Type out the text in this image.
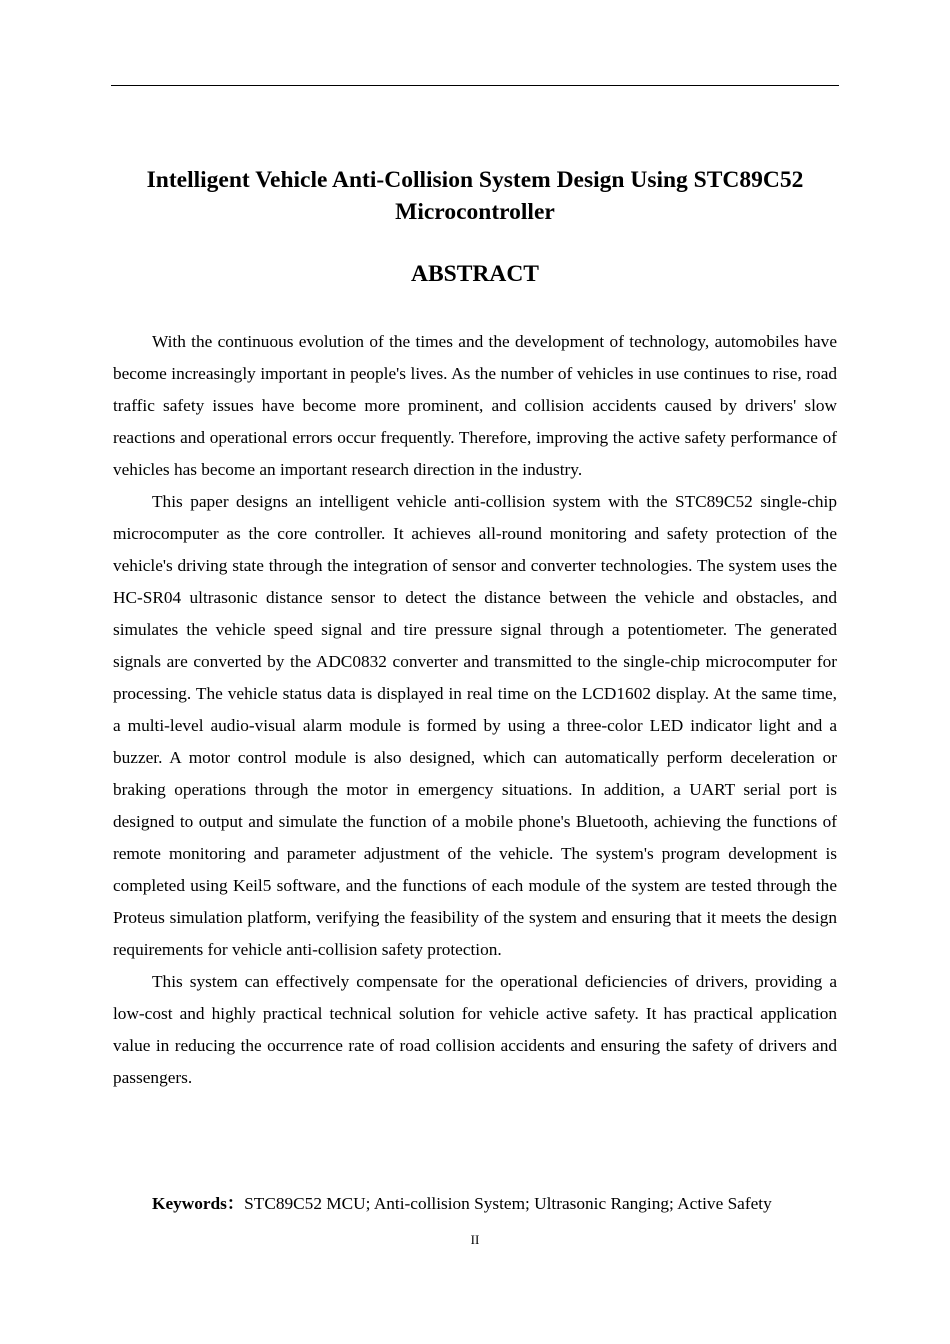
Intelligent Vehicle Anti-Collision System Design Using STC89C52
Microcontroller
ABSTRACT

With the continuous evolution of the times and the development of technology, automobiles have become increasingly important in people's lives. As the number of vehicles in use continues to rise, road traffic safety issues have become more prominent, and collision accidents caused by drivers' slow reactions and operational errors occur frequently. Therefore, improving the active safety performance of vehicles has become an important research direction in the industry.

This paper designs an intelligent vehicle anti-collision system with the STC89C52 single-chip microcomputer as the core controller. It achieves all-round monitoring and safety protection of the vehicle's driving state through the integration of sensor and converter technologies. The system uses the HC-SR04 ultrasonic distance sensor to detect the distance between the vehicle and obstacles, and simulates the vehicle speed signal and tire pressure signal through a potentiometer. The generated signals are converted by the ADC0832 converter and transmitted to the single-chip microcomputer for processing. The vehicle status data is displayed in real time on the LCD1602 display. At the same time, a multi-level audio-visual alarm module is formed by using a three-color LED indicator light and a buzzer. A motor control module is also designed, which can automatically perform deceleration or braking operations through the motor in emergency situations. In addition, a UART serial port is designed to output and simulate the function of a mobile phone's Bluetooth, achieving the functions of remote monitoring and parameter adjustment of the vehicle. The system's program development is completed using Keil5 software, and the functions of each module of the system are tested through the Proteus simulation platform, verifying the feasibility of the system and ensuring that it meets the design requirements for vehicle anti-collision safety protection.

This system can effectively compensate for the operational deficiencies of drivers, providing a low-cost and highly practical technical solution for vehicle active safety. It has practical application value in reducing the occurrence rate of road collision accidents and ensuring the safety of drivers and passengers.

Keywords：STC89C52 MCU; Anti-collision System; Ultrasonic Ranging; Active Safety
II
